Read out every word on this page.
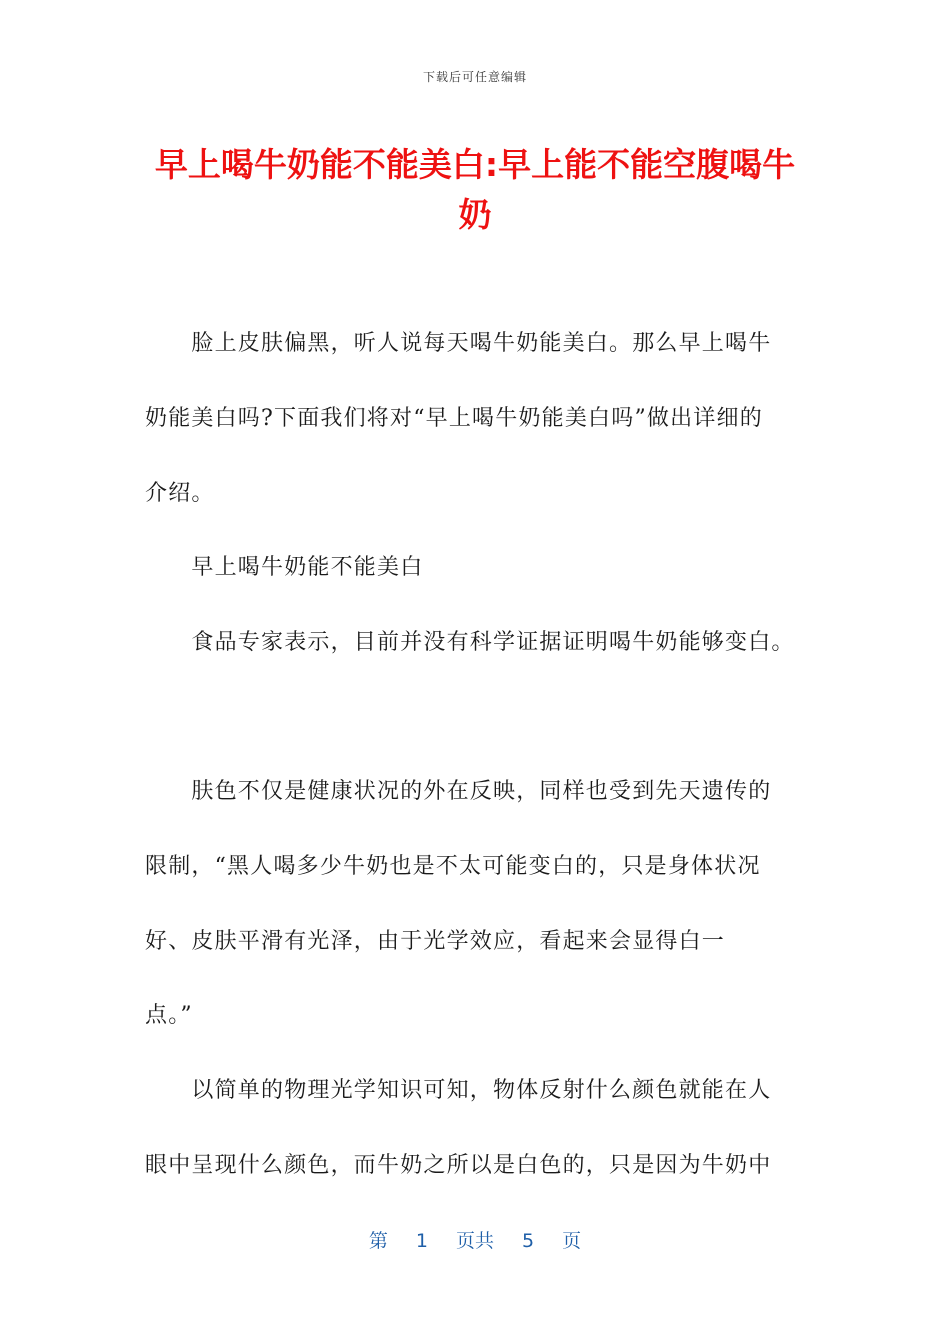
下载后可任意编辑
早上喝牛奶能不能美白:早上能不能空腹喝牛奶
　　脸上皮肤偏黑，听人说每天喝牛奶能美白。那么早上喝牛
奶能美白吗?下面我们将对“早上喝牛奶能美白吗”做出详细的
介绍。
　　早上喝牛奶能不能美白
　　食品专家表示，目前并没有科学证据证明喝牛奶能够变白。
　　肤色不仅是健康状况的外在反映，同样也受到先天遗传的
限制，“黑人喝多少牛奶也是不太可能变白的，只是身体状况
好、皮肤平滑有光泽，由于光学效应，看起来会显得白一
点。”
　　以简单的物理光学知识可知，物体反射什么颜色就能在人
眼中呈现什么颜色，而牛奶之所以是白色的，只是因为牛奶中
第 1 页共 5 页
